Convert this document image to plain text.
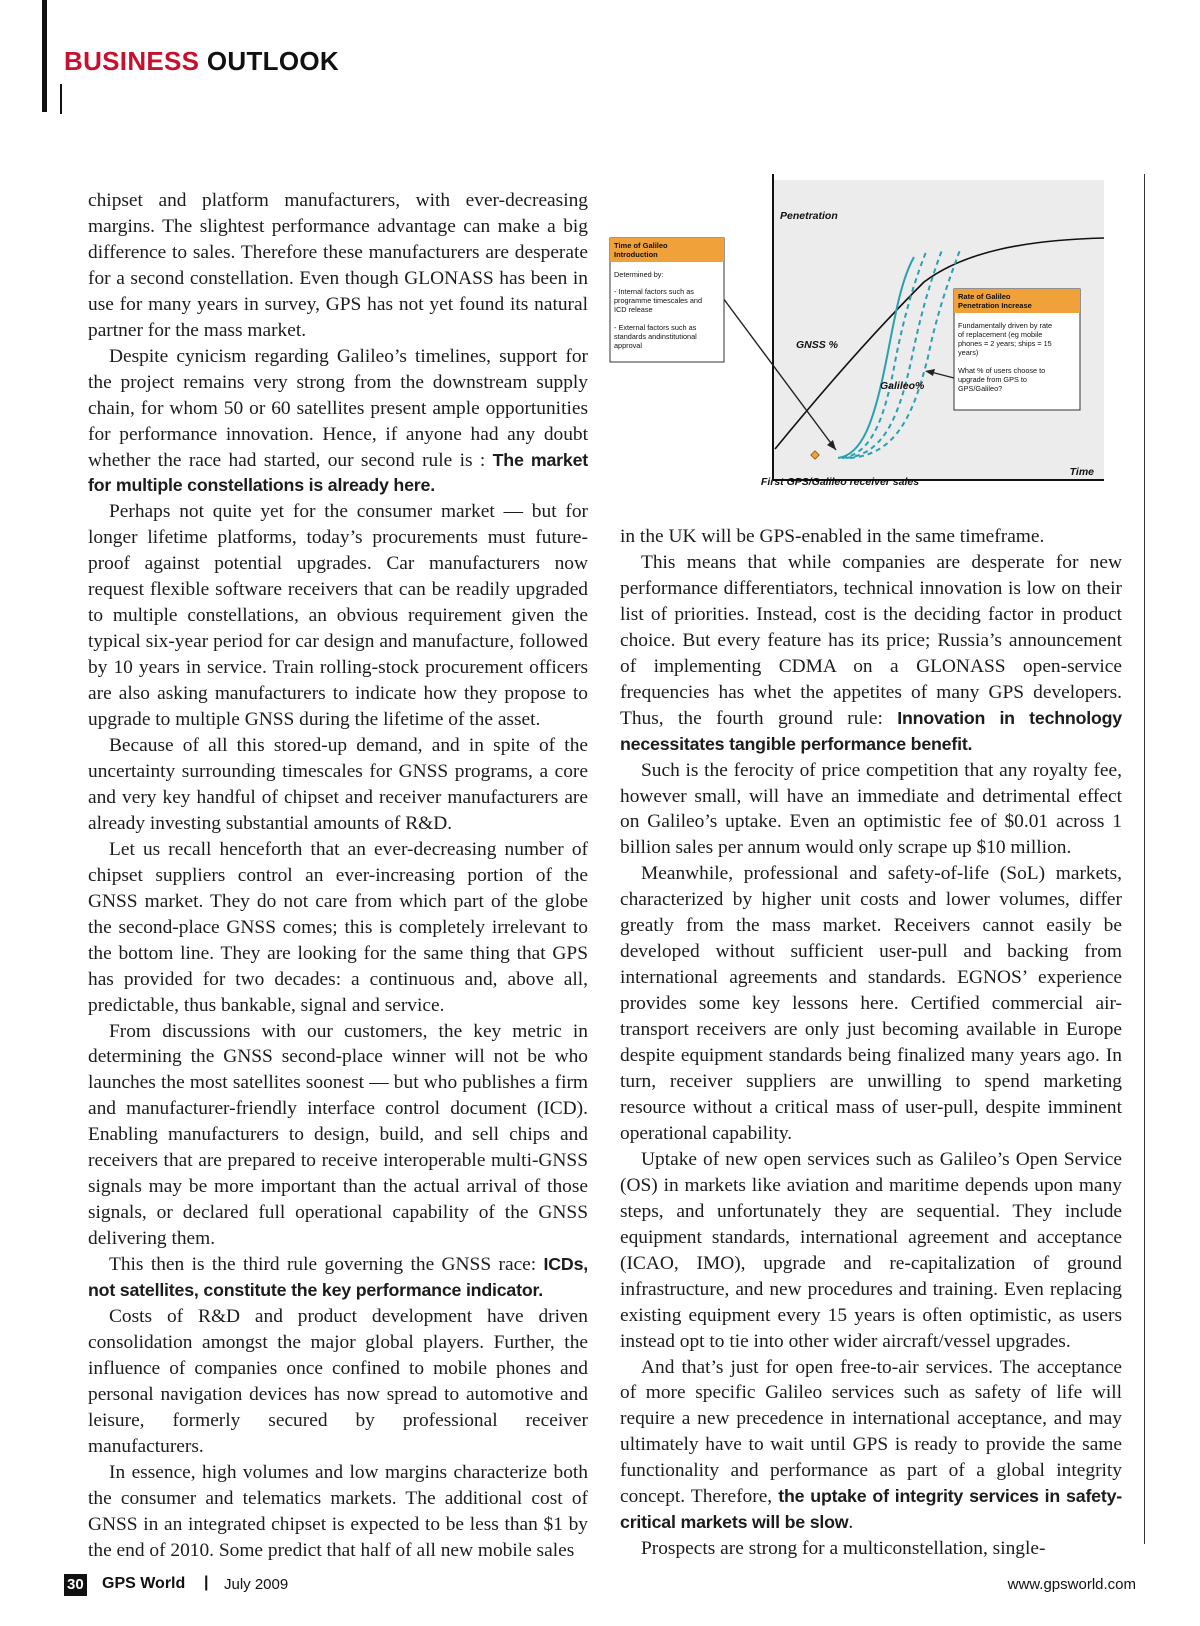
BUSINESS OUTLOOK

chipset and platform manufacturers, with ever-decreasing margins. The slightest performance advantage can make a big difference to sales. Therefore these manufacturers are desperate for a second constellation. Even though GLONASS has been in use for many years in survey, GPS has not yet found its natural partner for the mass market.

Despite cynicism regarding Galileo’s timelines, support for the project remains very strong from the downstream supply chain, for whom 50 or 60 satellites present ample opportunities for performance innovation. Hence, if anyone had any doubt whether the race had started, our second rule is : The market for multiple constellations is already here.

Perhaps not quite yet for the consumer market — but for longer lifetime platforms, today’s procurements must future-proof against potential upgrades. Car manufacturers now request flexible software receivers that can be readily upgraded to multiple constellations, an obvious requirement given the typical six-year period for car design and manufacture, followed by 10 years in service. Train rolling-stock procurement officers are also asking manufacturers to indicate how they propose to upgrade to multiple GNSS during the lifetime of the asset.

Because of all this stored-up demand, and in spite of the uncertainty surrounding timescales for GNSS programs, a core and very key handful of chipset and receiver manufacturers are already investing substantial amounts of R&D.

Let us recall henceforth that an ever-decreasing number of chipset suppliers control an ever-increasing portion of the GNSS market. They do not care from which part of the globe the second-place GNSS comes; this is completely irrelevant to the bottom line. They are looking for the same thing that GPS has provided for two decades: a continuous and, above all, predictable, thus bankable, signal and service.

From discussions with our customers, the key metric in determining the GNSS second-place winner will not be who launches the most satellites soonest — but who publishes a firm and manufacturer-friendly interface control document (ICD). Enabling manufacturers to design, build, and sell chips and receivers that are prepared to receive interoperable multi-GNSS signals may be more important than the actual arrival of those signals, or declared full operational capability of the GNSS delivering them.

This then is the third rule governing the GNSS race: ICDs, not satellites, constitute the key performance indicator.

Costs of R&D and product development have driven consolidation amongst the major global players. Further, the influence of companies once confined to mobile phones and personal navigation devices has now spread to automotive and leisure, formerly secured by professional receiver manufacturers.

In essence, high volumes and low margins characterize both the consumer and telematics markets. The additional cost of GNSS in an integrated chipset is expected to be less than $1 by the end of 2010. Some predict that half of all new mobile sales

Penetration
Time
First GPS/Galileo receiver sales
GNSS %
Galileo%
Time of Galileo
Introduction
Determined by:
- Internal factors such as
programme timescales and
ICD release
- External factors such as
standards andinstitutional
approval
Rate of Galileo
Penetration Increase
Fundamentally driven by rate
of replacement (eg mobile
phones = 2 years; ships = 15
years)
What % of users choose to
upgrade from GPS to
GPS/Galileo?

in the UK will be GPS-enabled in the same timeframe.

This means that while companies are desperate for new performance differentiators, technical innovation is low on their list of priorities. Instead, cost is the deciding factor in product choice. But every feature has its price; Russia’s announcement of implementing CDMA on a GLONASS open-service frequencies has whet the appetites of many GPS developers. Thus, the fourth ground rule: Innovation in technology necessitates tangible performance benefit.

Such is the ferocity of price competition that any royalty fee, however small, will have an immediate and detrimental effect on Galileo’s uptake. Even an optimistic fee of $0.01 across 1 billion sales per annum would only scrape up $10 million.

Meanwhile, professional and safety-of-life (SoL) markets, characterized by higher unit costs and lower volumes, differ greatly from the mass market. Receivers cannot easily be developed without sufficient user-pull and backing from international agreements and standards. EGNOS’ experience provides some key lessons here. Certified commercial air-transport receivers are only just becoming available in Europe despite equipment standards being finalized many years ago. In turn, receiver suppliers are unwilling to spend marketing resource without a critical mass of user-pull, despite imminent operational capability.

Uptake of new open services such as Galileo’s Open Service (OS) in markets like aviation and maritime depends upon many steps, and unfortunately they are sequential. They include equipment standards, international agreement and acceptance (ICAO, IMO), upgrade and re-capitalization of ground infrastructure, and new procedures and training. Even replacing existing equipment every 15 years is often optimistic, as users instead opt to tie into other wider aircraft/vessel upgrades.

And that’s just for open free-to-air services. The acceptance of more specific Galileo services such as safety of life will require a new precedence in international acceptance, and may ultimately have to wait until GPS is ready to provide the same functionality and performance as part of a global integrity concept. Therefore, the uptake of integrity services in safety-critical markets will be slow.

Prospects are strong for a multiconstellation, single-

30 GPS World | July 2009	www.gpsworld.com
